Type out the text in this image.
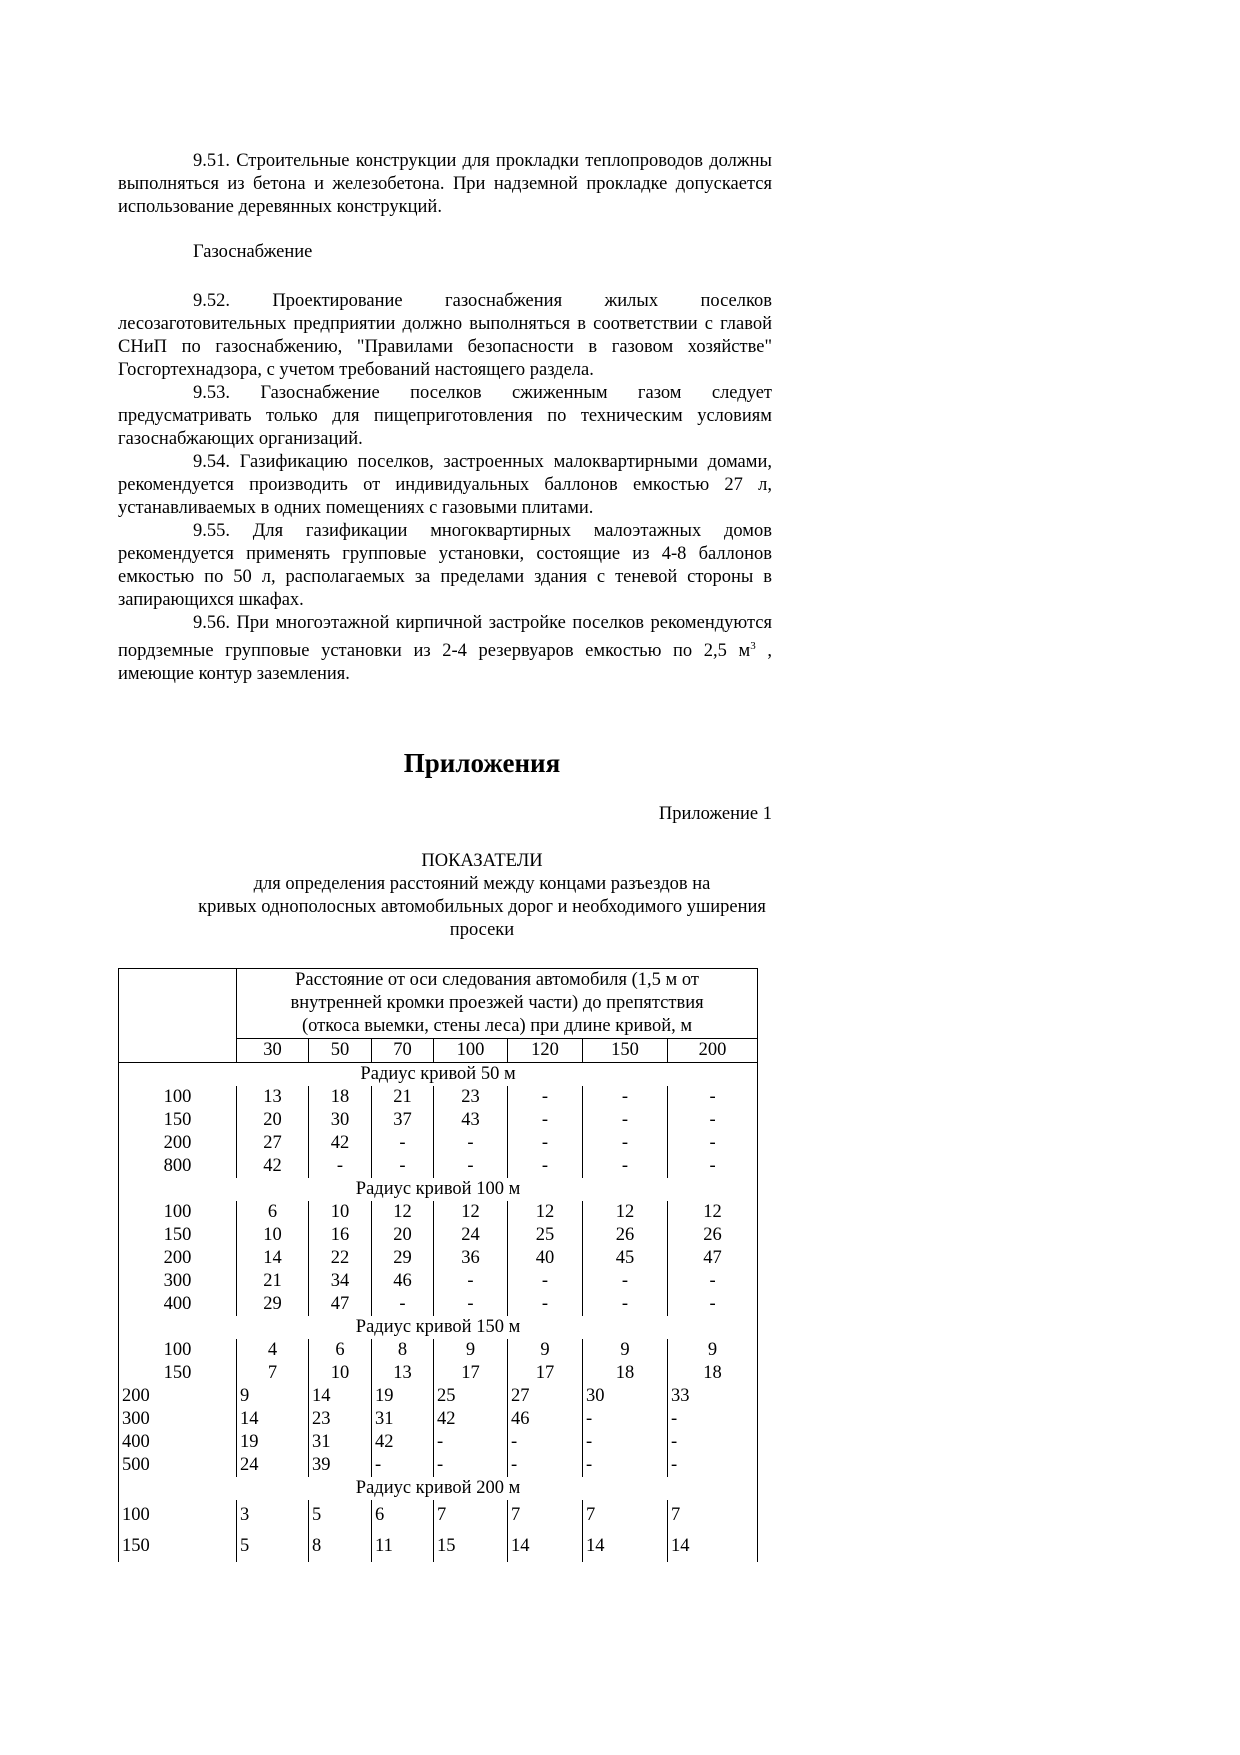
9.51. Строительные конструкции для прокладки теплопроводов должны выполняться из бетона и железобетона. При надземной прокладке допускается использование деревянных конструкций.

Газоснабжение

9.52. Проектирование газоснабжения жилых поселков лесозаготовительных предприятии должно выполняться в соответствии с главой СНиП по газоснабжению, "Правилами безопасности в газовом хозяйстве" Госгортехнадзора, с учетом требований настоящего раздела.

9.53. Газоснабжение поселков сжиженным газом следует предусматривать только для пищеприготовления по техническим условиям газоснабжающих организаций.

9.54. Газификацию поселков, застроенных малоквартирными домами, рекомендуется производить от индивидуальных баллонов емкостью 27 л, устанавливаемых в одних помещениях с газовыми плитами.

9.55. Для газификации многоквартирных малоэтажных домов рекомендуется применять групповые установки, состоящие из 4-8 баллонов емкостью по 50 л, располагаемых за пределами здания с теневой стороны в запирающихся шкафах.

9.56. При многоэтажной кирпичной застройке поселков рекомендуются пордземные групповые установки из 2-4 резервуаров емкостью по 2,5 $м^3$ , имеющие контур заземления.

Приложения
Приложение 1
ПОКАЗАТЕЛИ
для определения расстояний между концами разъездов на
кривых однополосных автомобильных дорог и необходимого уширения
просеки
	Расстояние от оси следования автомобиля (1,5 м от						
	внутренней кромки проезжей части) до препятствия						
	(откоса выемки, стены леса) при длине кривой, м						
	30	50	70	100	120	150	200
Радиус кривой 50 м							
100	13	18	21	23	-	-	-
150	20	30	37	43	-	-	-
200	27	42	-	-	-	-	-
800	42	-	-	-	-	-	-
Радиус кривой 100 м							
100	6	10	12	12	12	12	12
150	10	16	20	24	25	26	26
200	14	22	29	36	40	45	47
300	21	34	46	-	-	-	-
400	29	47	-	-	-	-	-
Радиус кривой 150 м							
100	4	6	8	9	9	9	9
150	7	10	13	17	17	18	18
200	9	14	19	25	27	30	33
300	14	23	31	42	46	-	-
400	19	31	42	-	-	-	-
500	24	39	-	-	-	-	-
Радиус кривой 200 м							
100	3	5	6	7	7	7	7
150	5	8	11	15	14	14	14
